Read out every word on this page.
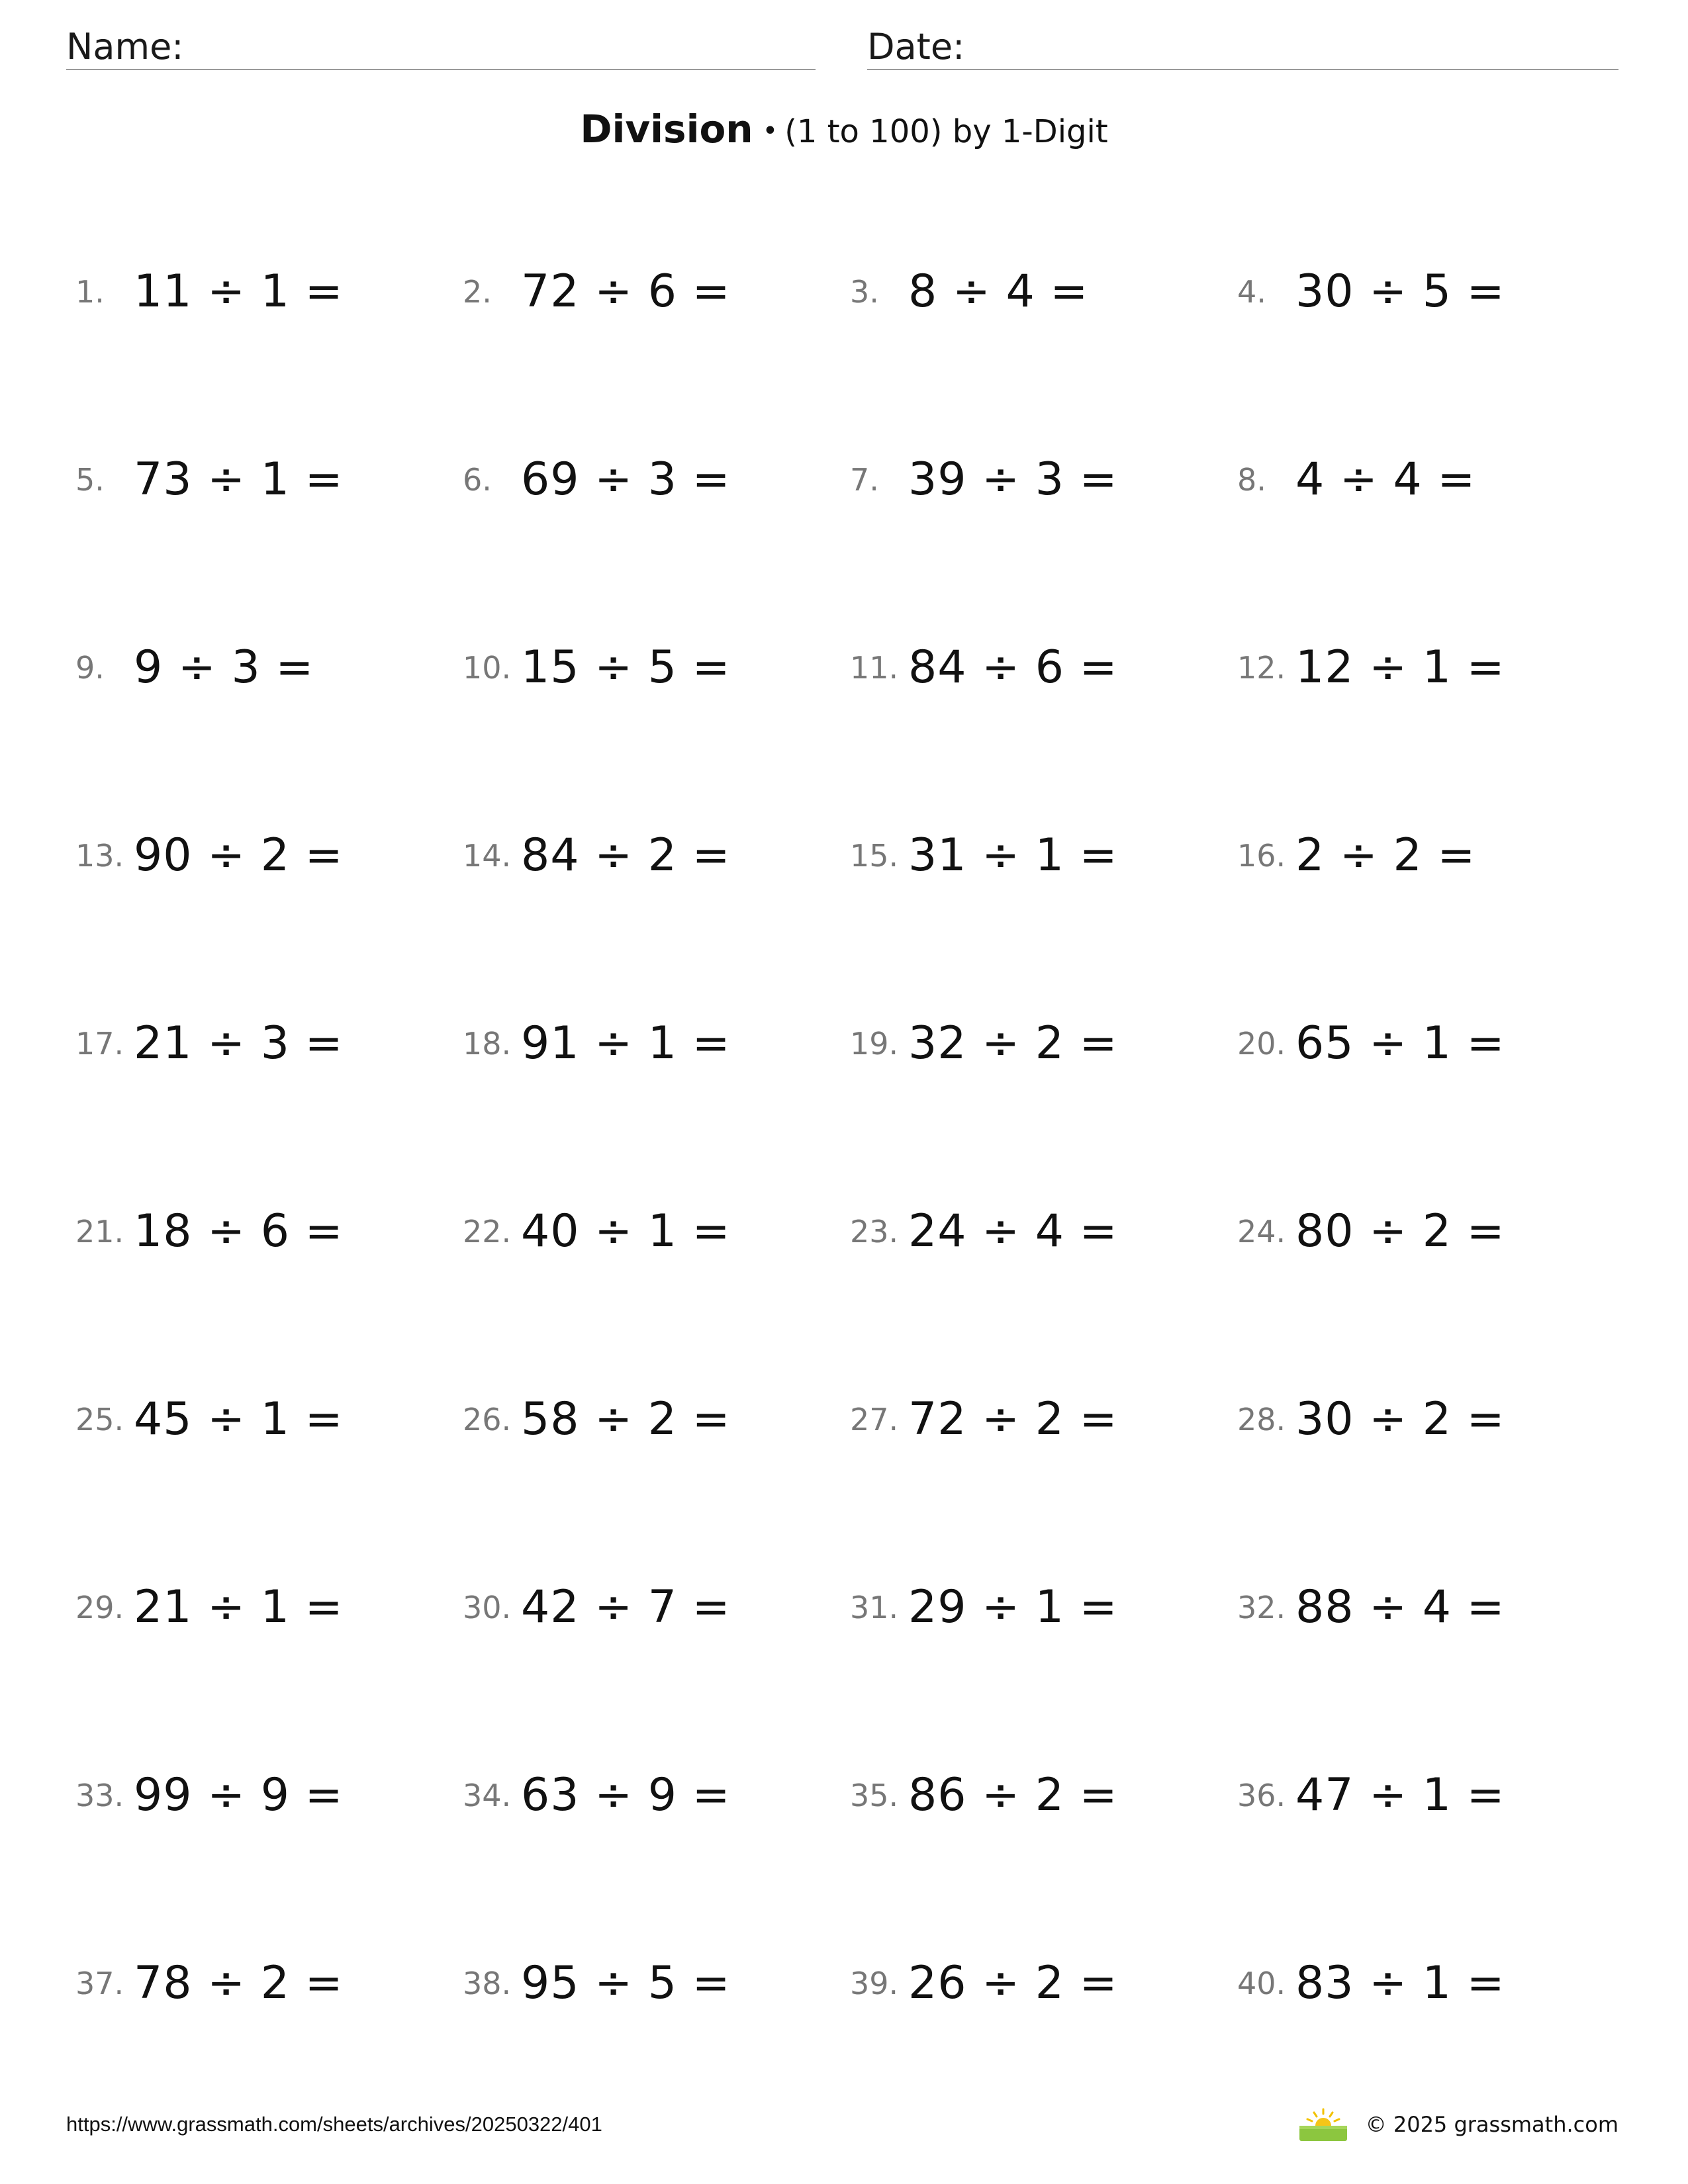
Name:	Date:
Division • (1 to 100) by 1-Digit
1. 11 ÷ 1 =	2. 72 ÷ 6 =	3. 8 ÷ 4 =	4. 30 ÷ 5 =
5. 73 ÷ 1 =	6. 69 ÷ 3 =	7. 39 ÷ 3 =	8. 4 ÷ 4 =
9. 9 ÷ 3 =	10. 15 ÷ 5 =	11. 84 ÷ 6 =	12. 12 ÷ 1 =
13. 90 ÷ 2 =	14. 84 ÷ 2 =	15. 31 ÷ 1 =	16. 2 ÷ 2 =
17. 21 ÷ 3 =	18. 91 ÷ 1 =	19. 32 ÷ 2 =	20. 65 ÷ 1 =
21. 18 ÷ 6 =	22. 40 ÷ 1 =	23. 24 ÷ 4 =	24. 80 ÷ 2 =
25. 45 ÷ 1 =	26. 58 ÷ 2 =	27. 72 ÷ 2 =	28. 30 ÷ 2 =
29. 21 ÷ 1 =	30. 42 ÷ 7 =	31. 29 ÷ 1 =	32. 88 ÷ 4 =
33. 99 ÷ 9 =	34. 63 ÷ 9 =	35. 86 ÷ 2 =	36. 47 ÷ 1 =
37. 78 ÷ 2 =	38. 95 ÷ 5 =	39. 26 ÷ 2 =	40. 83 ÷ 1 =
https://www.grassmath.com/sheets/archives/20250322/401	© 2025 grassmath.com
